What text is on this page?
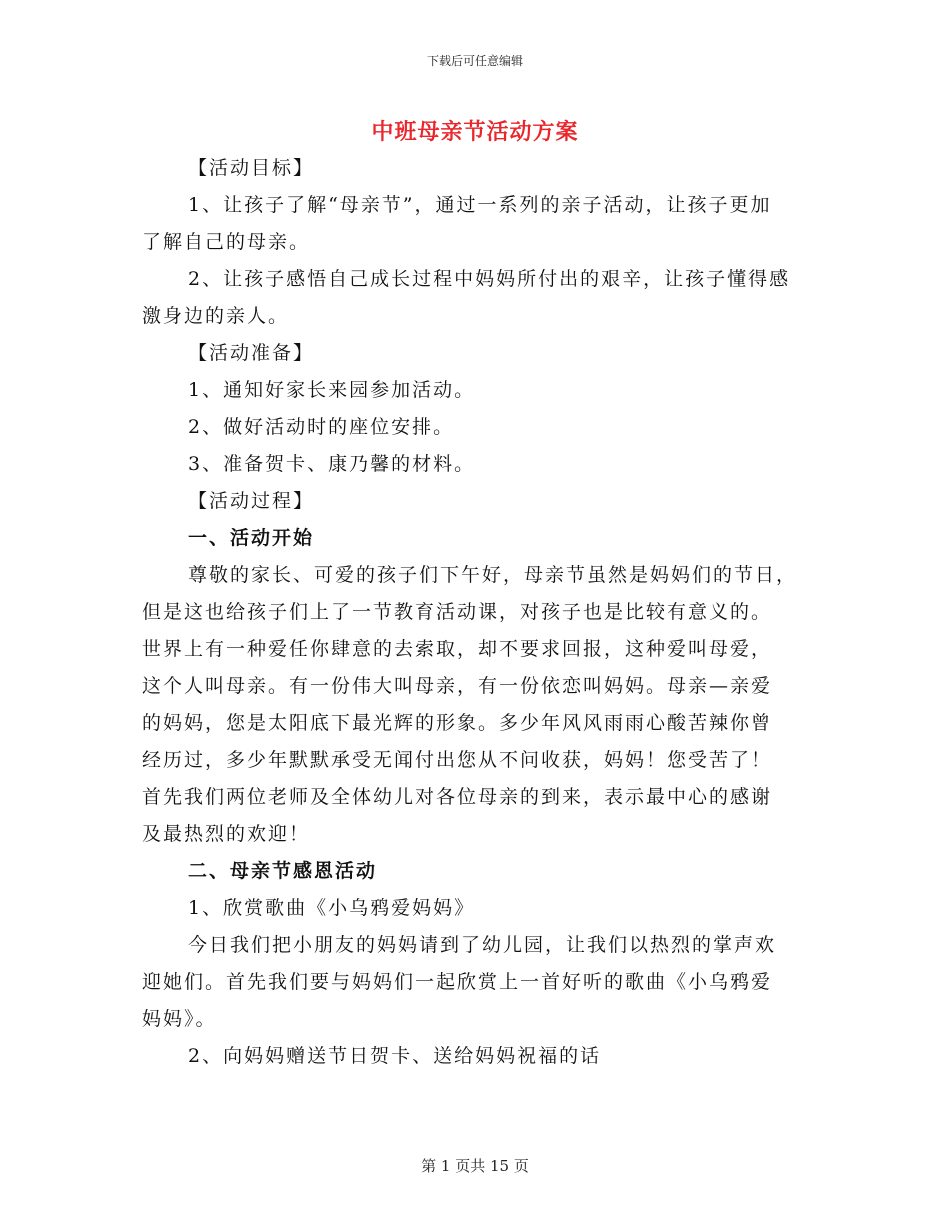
下载后可任意编辑
中班母亲节活动方案
【活动目标】
1、让孩子了解“母亲节”，通过一系列的亲子活动，让孩子更加
了解自己的母亲。
2、让孩子感悟自己成长过程中妈妈所付出的艰辛，让孩子懂得感
激身边的亲人。
【活动准备】
1、通知好家长来园参加活动。
2、做好活动时的座位安排。
3、准备贺卡、康乃馨的材料。
【活动过程】
一、活动开始
尊敬的家长、可爱的孩子们下午好，母亲节虽然是妈妈们的节日，
但是这也给孩子们上了一节教育活动课，对孩子也是比较有意义的。
世界上有一种爱任你肆意的去索取，却不要求回报，这种爱叫母爱，
这个人叫母亲。有一份伟大叫母亲，有一份依恋叫妈妈。母亲—亲爱
的妈妈，您是太阳底下最光辉的形象。多少年风风雨雨心酸苦辣你曾
经历过，多少年默默承受无闻付出您从不问收获，妈妈！您受苦了！
首先我们两位老师及全体幼儿对各位母亲的到来，表示最中心的感谢
及最热烈的欢迎！
二、母亲节感恩活动
1、欣赏歌曲《小乌鸦爱妈妈》
今日我们把小朋友的妈妈请到了幼儿园，让我们以热烈的掌声欢
迎她们。首先我们要与妈妈们一起欣赏上一首好听的歌曲《小乌鸦爱
妈妈》。
2、向妈妈赠送节日贺卡、送给妈妈祝福的话
第 1 页共 15 页
